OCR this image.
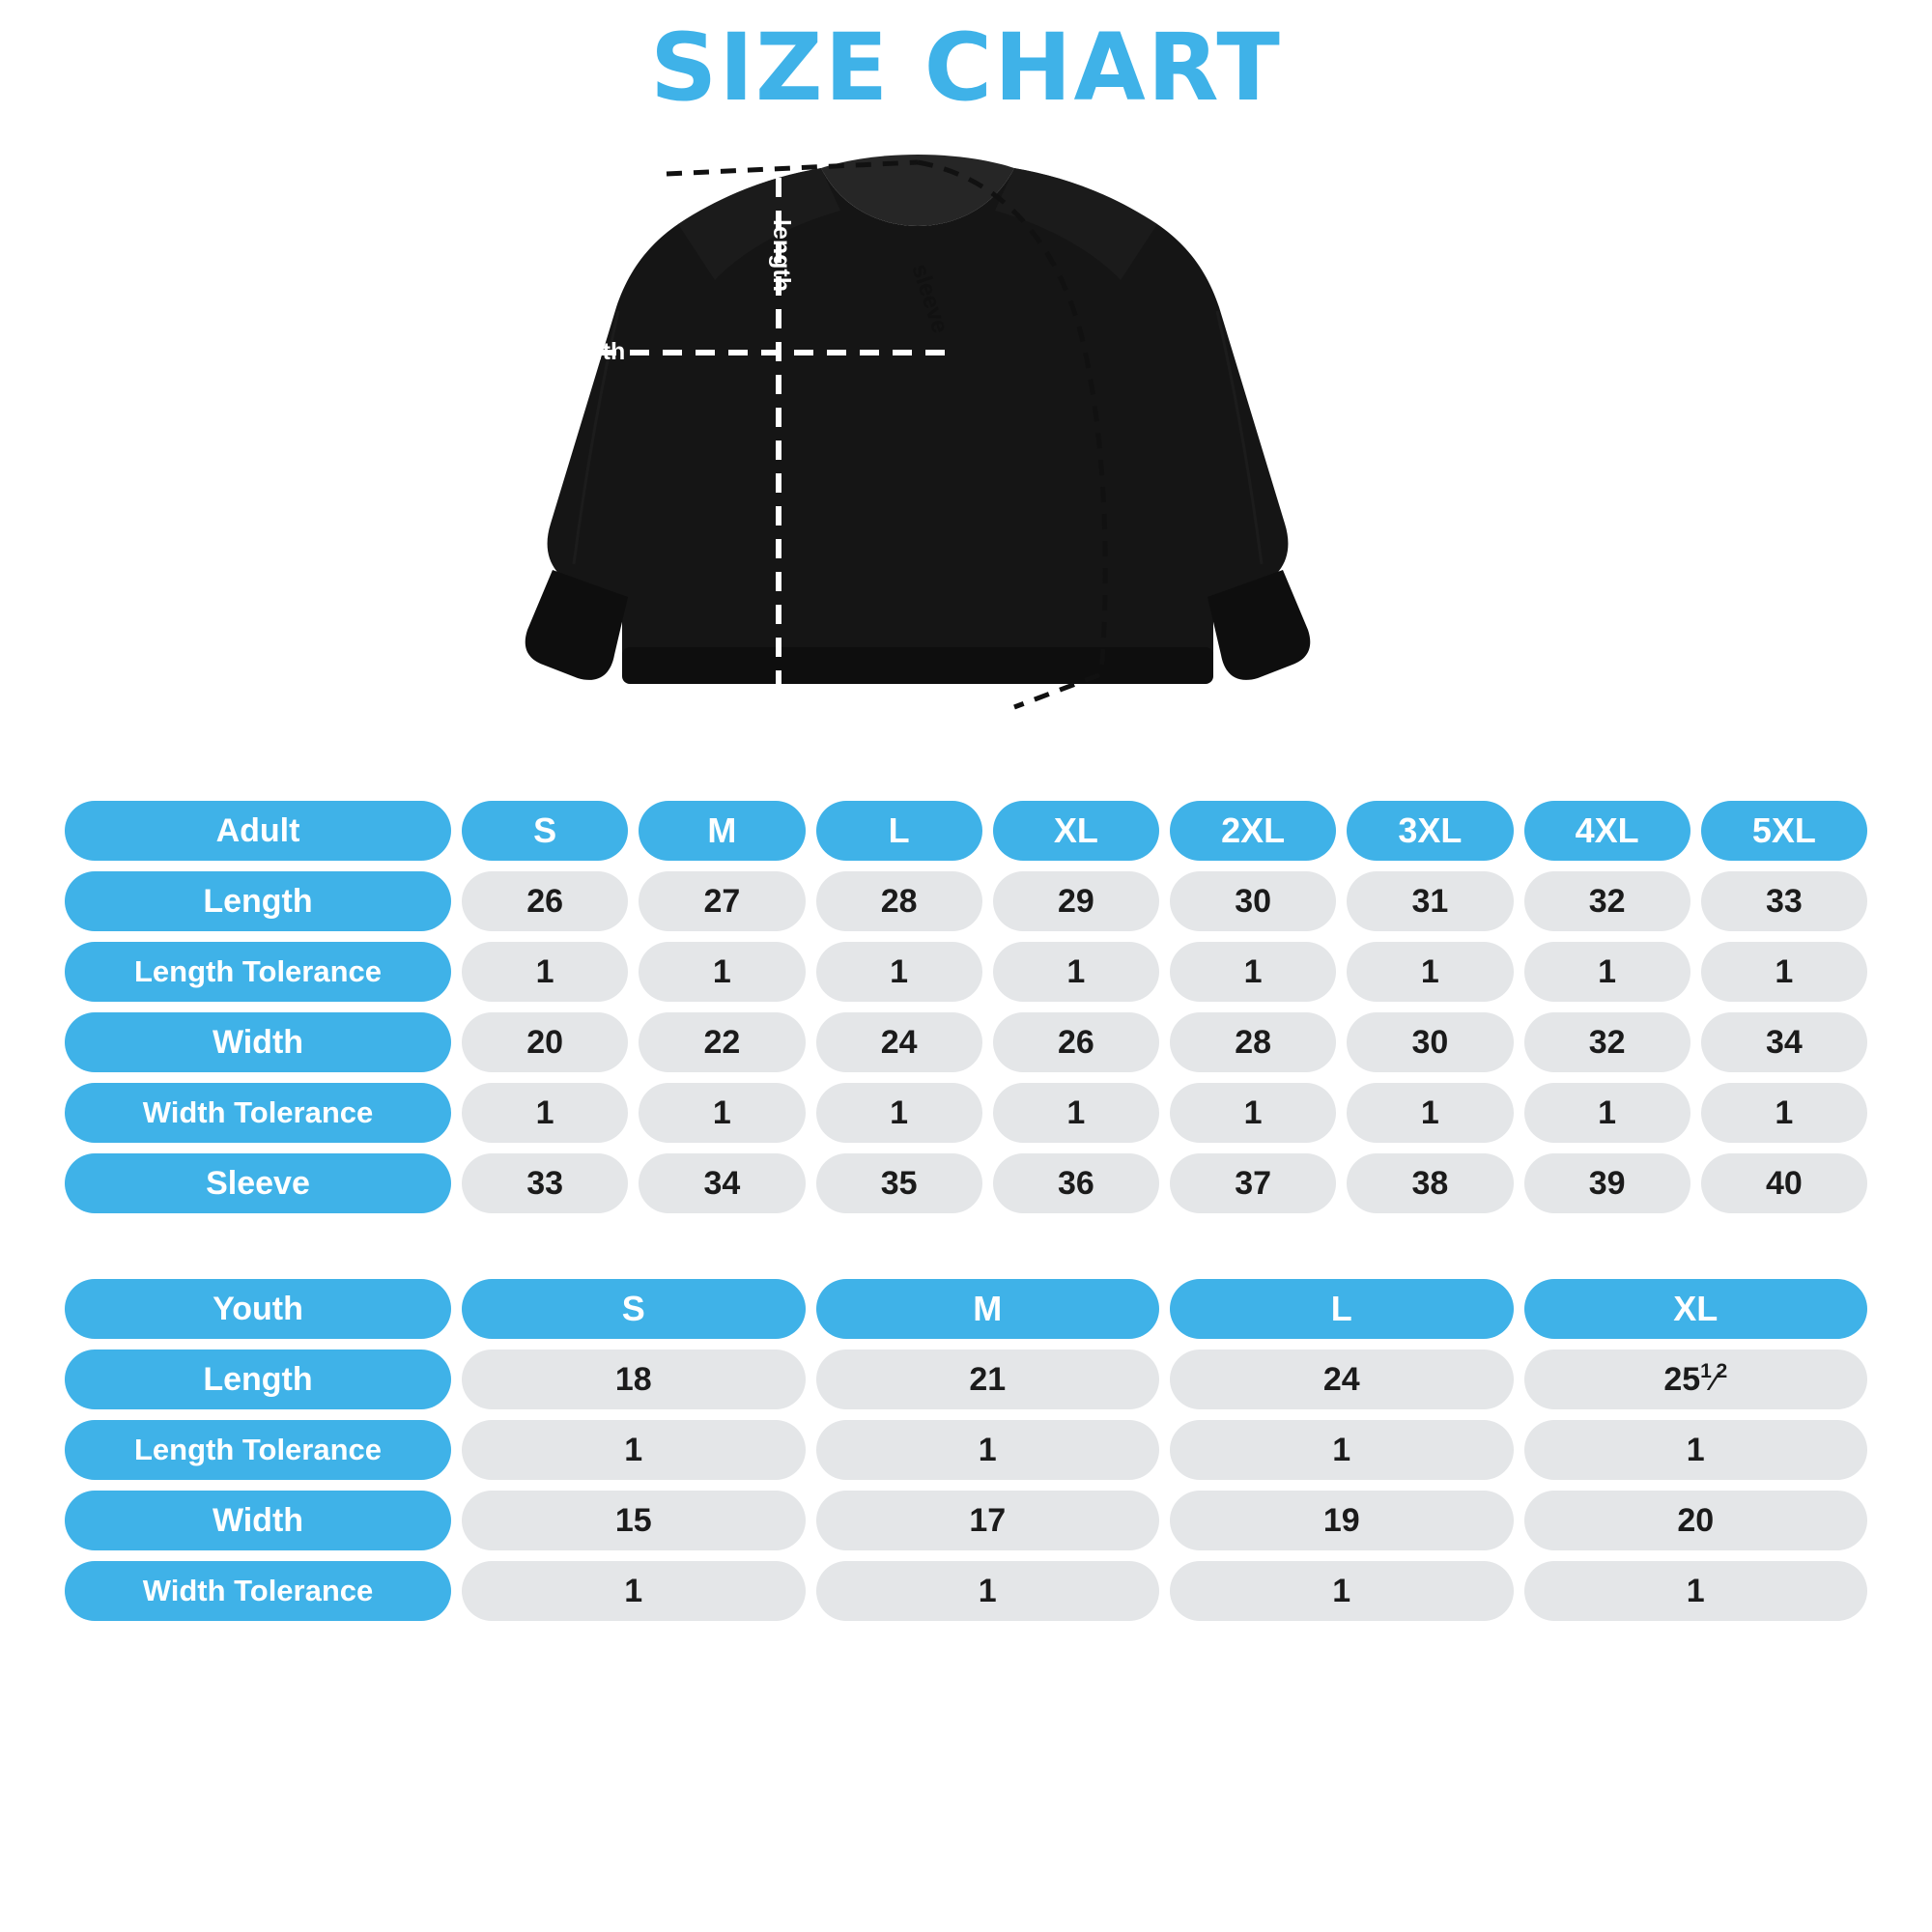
SIZE CHART
width
length
sleeve
Adult	S	M	L	XL	2XL	3XL	4XL	5XL
Length	26	27	28	29	30	31	32	33
Length Tolerance	1	1	1	1	1	1	1	1
Width	20	22	24	26	28	30	32	34
Width Tolerance	1	1	1	1	1	1	1	1
Sleeve	33	34	35	36	37	38	39	40
Youth	S	M	L	XL
Length	18	21	24	$25^1⁄^2$
Length Tolerance	1	1	1	1
Width	15	17	19	20
Width Tolerance	1	1	1	1
